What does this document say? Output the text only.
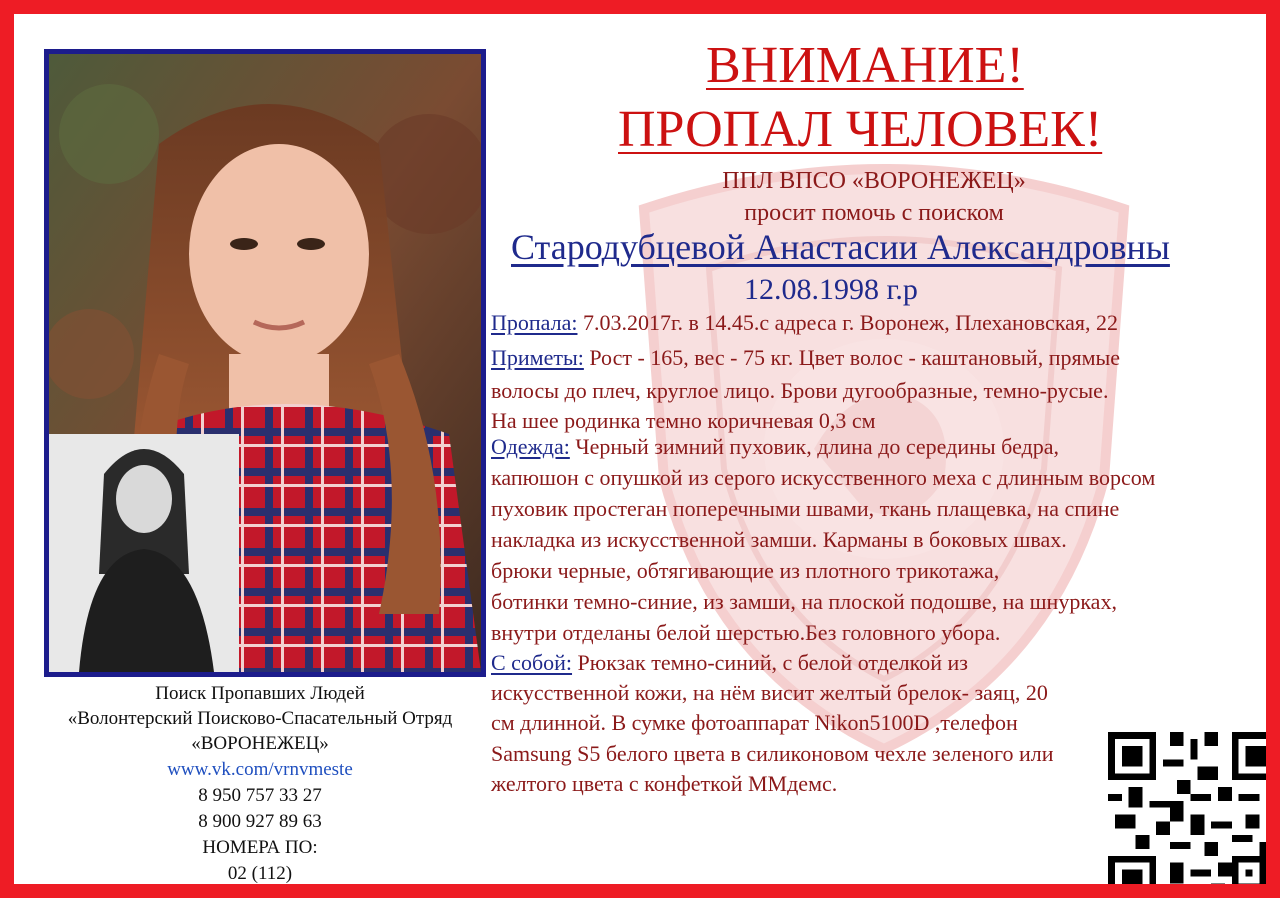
ВНИМАНИЕ!
ПРОПАЛ ЧЕЛОВЕК!
ППЛ ВПСО «ВОРОНЕЖЕЦ»
просит помочь с поиском
Стародубцевой Анастасии Александровны
12.08.1998 г.р
Пропала: 7.03.2017г. в 14.45.с адреса г. Воронеж, Плехановская, 22
Приметы: Рост - 165, вес - 75 кг. Цвет волос - каштановый, прямые
волосы до плеч, круглое лицо. Брови дугообразные, темно-русые.
На шее родинка темно коричневая 0,3 см
Одежда: Черный зимний пуховик, длина до середины бедра,
капюшон с опушкой из серого искусственного меха с длинным ворсом
пуховик простеган поперечными швами, ткань плащевка, на спине
накладка из искусственной замши. Карманы в боковых швах.
брюки черные, обтягивающие из плотного трикотажа,
ботинки темно-синие, из замши, на плоской подошве, на шнурках,
внутри отделаны белой шерстью.Без головного убора.
С собой: Рюкзак темно-синий, с белой отделкой из
искусственной кожи, на нём висит желтый брелок- заяц, 20
см длинной. В сумке фотоаппарат Nikon5100D ,телефон
Samsung S5 белого цвета в силиконовом чехле зеленого или
желтого цвета с конфеткой ММдемс.
Поиск Пропавших Людей
«Волонтерский Поисково-Спасательный Отряд
«ВОРОНЕЖЕЦ»
www.vk.com/vrnvmeste
8 950 757 33 27
8 900 927 89 63
НОМЕРА ПО:
02 (112)
